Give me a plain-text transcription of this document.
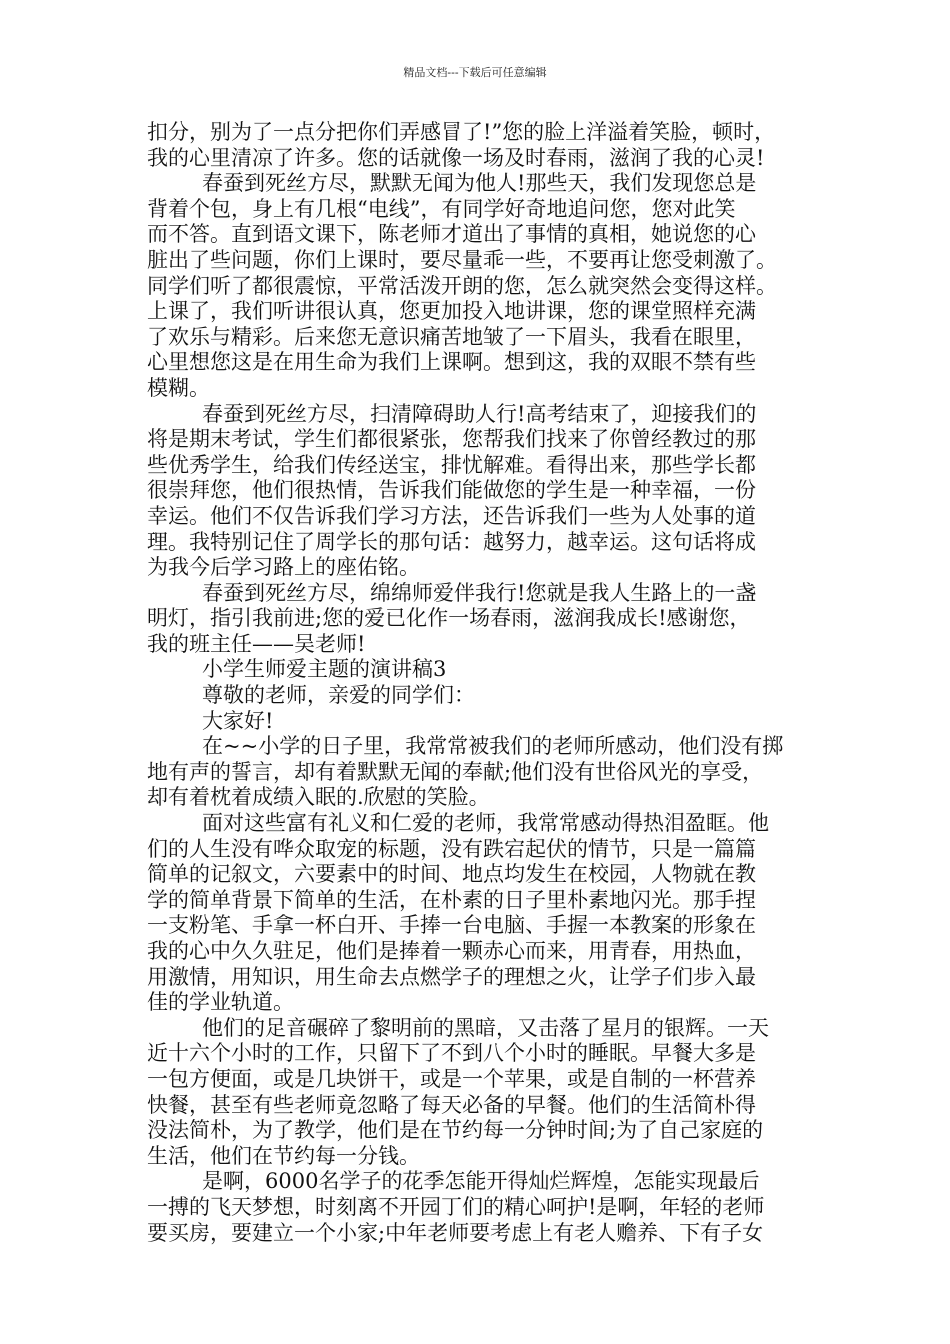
精品文档---下载后可任意编辑
扣分，别为了一点分把你们弄感冒了!”您的脸上洋溢着笑脸，顿时，
我的心里清凉了许多。您的话就像一场及时春雨，滋润了我的心灵!
春蚕到死丝方尽，默默无闻为他人!那些天，我们发现您总是
背着个包，身上有几根“电线”，有同学好奇地追问您，您对此笑
而不答。直到语文课下，陈老师才道出了事情的真相，她说您的心
脏出了些问题，你们上课时，要尽量乖一些，不要再让您受刺激了。
同学们听了都很震惊，平常活泼开朗的您，怎么就突然会变得这样。
上课了，我们听讲很认真，您更加投入地讲课，您的课堂照样充满
了欢乐与精彩。后来您无意识痛苦地皱了一下眉头，我看在眼里，
心里想您这是在用生命为我们上课啊。想到这，我的双眼不禁有些
模糊。
春蚕到死丝方尽，扫清障碍助人行!高考结束了，迎接我们的
将是期末考试，学生们都很紧张，您帮我们找来了你曾经教过的那
些优秀学生，给我们传经送宝，排忧解难。看得出来，那些学长都
很崇拜您，他们很热情，告诉我们能做您的学生是一种幸福，一份
幸运。他们不仅告诉我们学习方法，还告诉我们一些为人处事的道
理。我特别记住了周学长的那句话：越努力，越幸运。这句话将成
为我今后学习路上的座佑铭。
春蚕到死丝方尽，绵绵师爱伴我行!您就是我人生路上的一盏
明灯，指引我前进;您的爱已化作一场春雨，滋润我成长!感谢您，
我的班主任——吴老师!
小学生师爱主题的演讲稿3
尊敬的老师，亲爱的同学们：
大家好!
在~~小学的日子里，我常常被我们的老师所感动，他们没有掷
地有声的誓言，却有着默默无闻的奉献;他们没有世俗风光的享受，
却有着枕着成绩入眠的.欣慰的笑脸。
面对这些富有礼义和仁爱的老师，我常常感动得热泪盈眶。他
们的人生没有哗众取宠的标题，没有跌宕起伏的情节，只是一篇篇
简单的记叙文，六要素中的时间、地点均发生在校园，人物就在教
学的简单背景下简单的生活，在朴素的日子里朴素地闪光。那手捏
一支粉笔、手拿一杯白开、手捧一台电脑、手握一本教案的形象在
我的心中久久驻足，他们是捧着一颗赤心而来，用青春，用热血，
用激情，用知识，用生命去点燃学子的理想之火，让学子们步入最
佳的学业轨道。
他们的足音碾碎了黎明前的黑暗，又击落了星月的银辉。一天
近十六个小时的工作，只留下了不到八个小时的睡眠。早餐大多是
一包方便面，或是几块饼干，或是一个苹果，或是自制的一杯营养
快餐，甚至有些老师竟忽略了每天必备的早餐。他们的生活简朴得
没法简朴，为了教学，他们是在节约每一分钟时间;为了自己家庭的
生活，他们在节约每一分钱。
是啊，6000名学子的花季怎能开得灿烂辉煌，怎能实现最后
一搏的飞天梦想，时刻离不开园丁们的精心呵护!是啊，年轻的老师
要买房，要建立一个小家;中年老师要考虑上有老人赡养、下有子女
